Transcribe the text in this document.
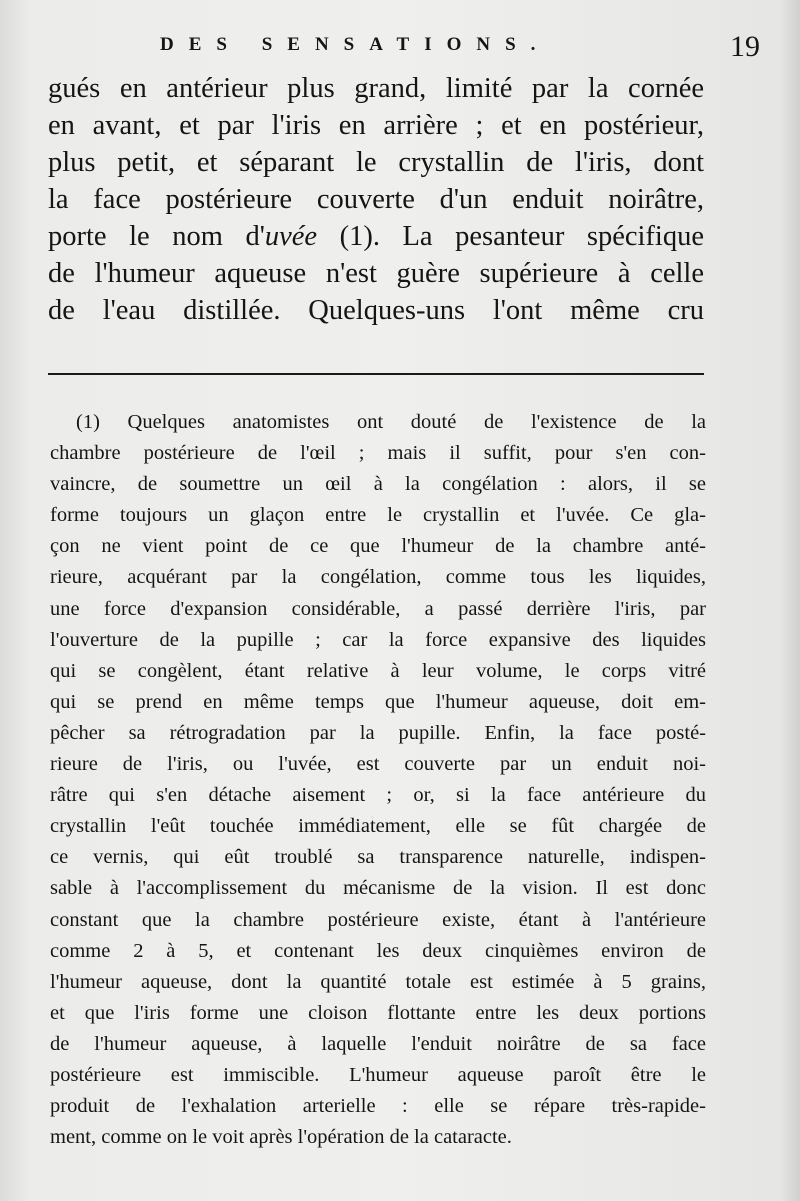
DES SENSATIONS.	19
gués en antérieur plus grand, limité par la cornée
en avant, et par l'iris en arrière ; et en postérieur,
plus petit, et séparant le crystallin de l'iris, dont
la face postérieure couverte d'un enduit noirâtre,
porte le nom d'uvée (1). La pesanteur spécifique
de l'humeur aqueuse n'est guère supérieure à celle
de l'eau distillée. Quelques-uns l'ont même cru
(1) Quelques anatomistes ont douté de l'existence de la
chambre postérieure de l'œil ; mais il suffit, pour s'en con-
vaincre, de soumettre un œil à la congélation : alors, il se
forme toujours un glaçon entre le crystallin et l'uvée. Ce gla-
çon ne vient point de ce que l'humeur de la chambre anté-
rieure, acquérant par la congélation, comme tous les liquides,
une force d'expansion considérable, a passé derrière l'iris, par
l'ouverture de la pupille ; car la force expansive des liquides
qui se congèlent, étant relative à leur volume, le corps vitré
qui se prend en même temps que l'humeur aqueuse, doit em-
pêcher sa rétrogradation par la pupille. Enfin, la face posté-
rieure de l'iris, ou l'uvée, est couverte par un enduit noi-
râtre qui s'en détache aisement ; or, si la face antérieure du
crystallin l'eût touchée immédiatement, elle se fût chargée de
ce vernis, qui eût troublé sa transparence naturelle, indispen-
sable à l'accomplissement du mécanisme de la vision. Il est donc
constant que la chambre postérieure existe, étant à l'antérieure
comme 2 à 5, et contenant les deux cinquièmes environ de
l'humeur aqueuse, dont la quantité totale est estimée à 5 grains,
et que l'iris forme une cloison flottante entre les deux portions
de l'humeur aqueuse, à laquelle l'enduit noirâtre de sa face
postérieure est immiscible. L'humeur aqueuse paroît être le
produit de l'exhalation arterielle : elle se répare très-rapide-
ment, comme on le voit après l'opération de la cataracte.
